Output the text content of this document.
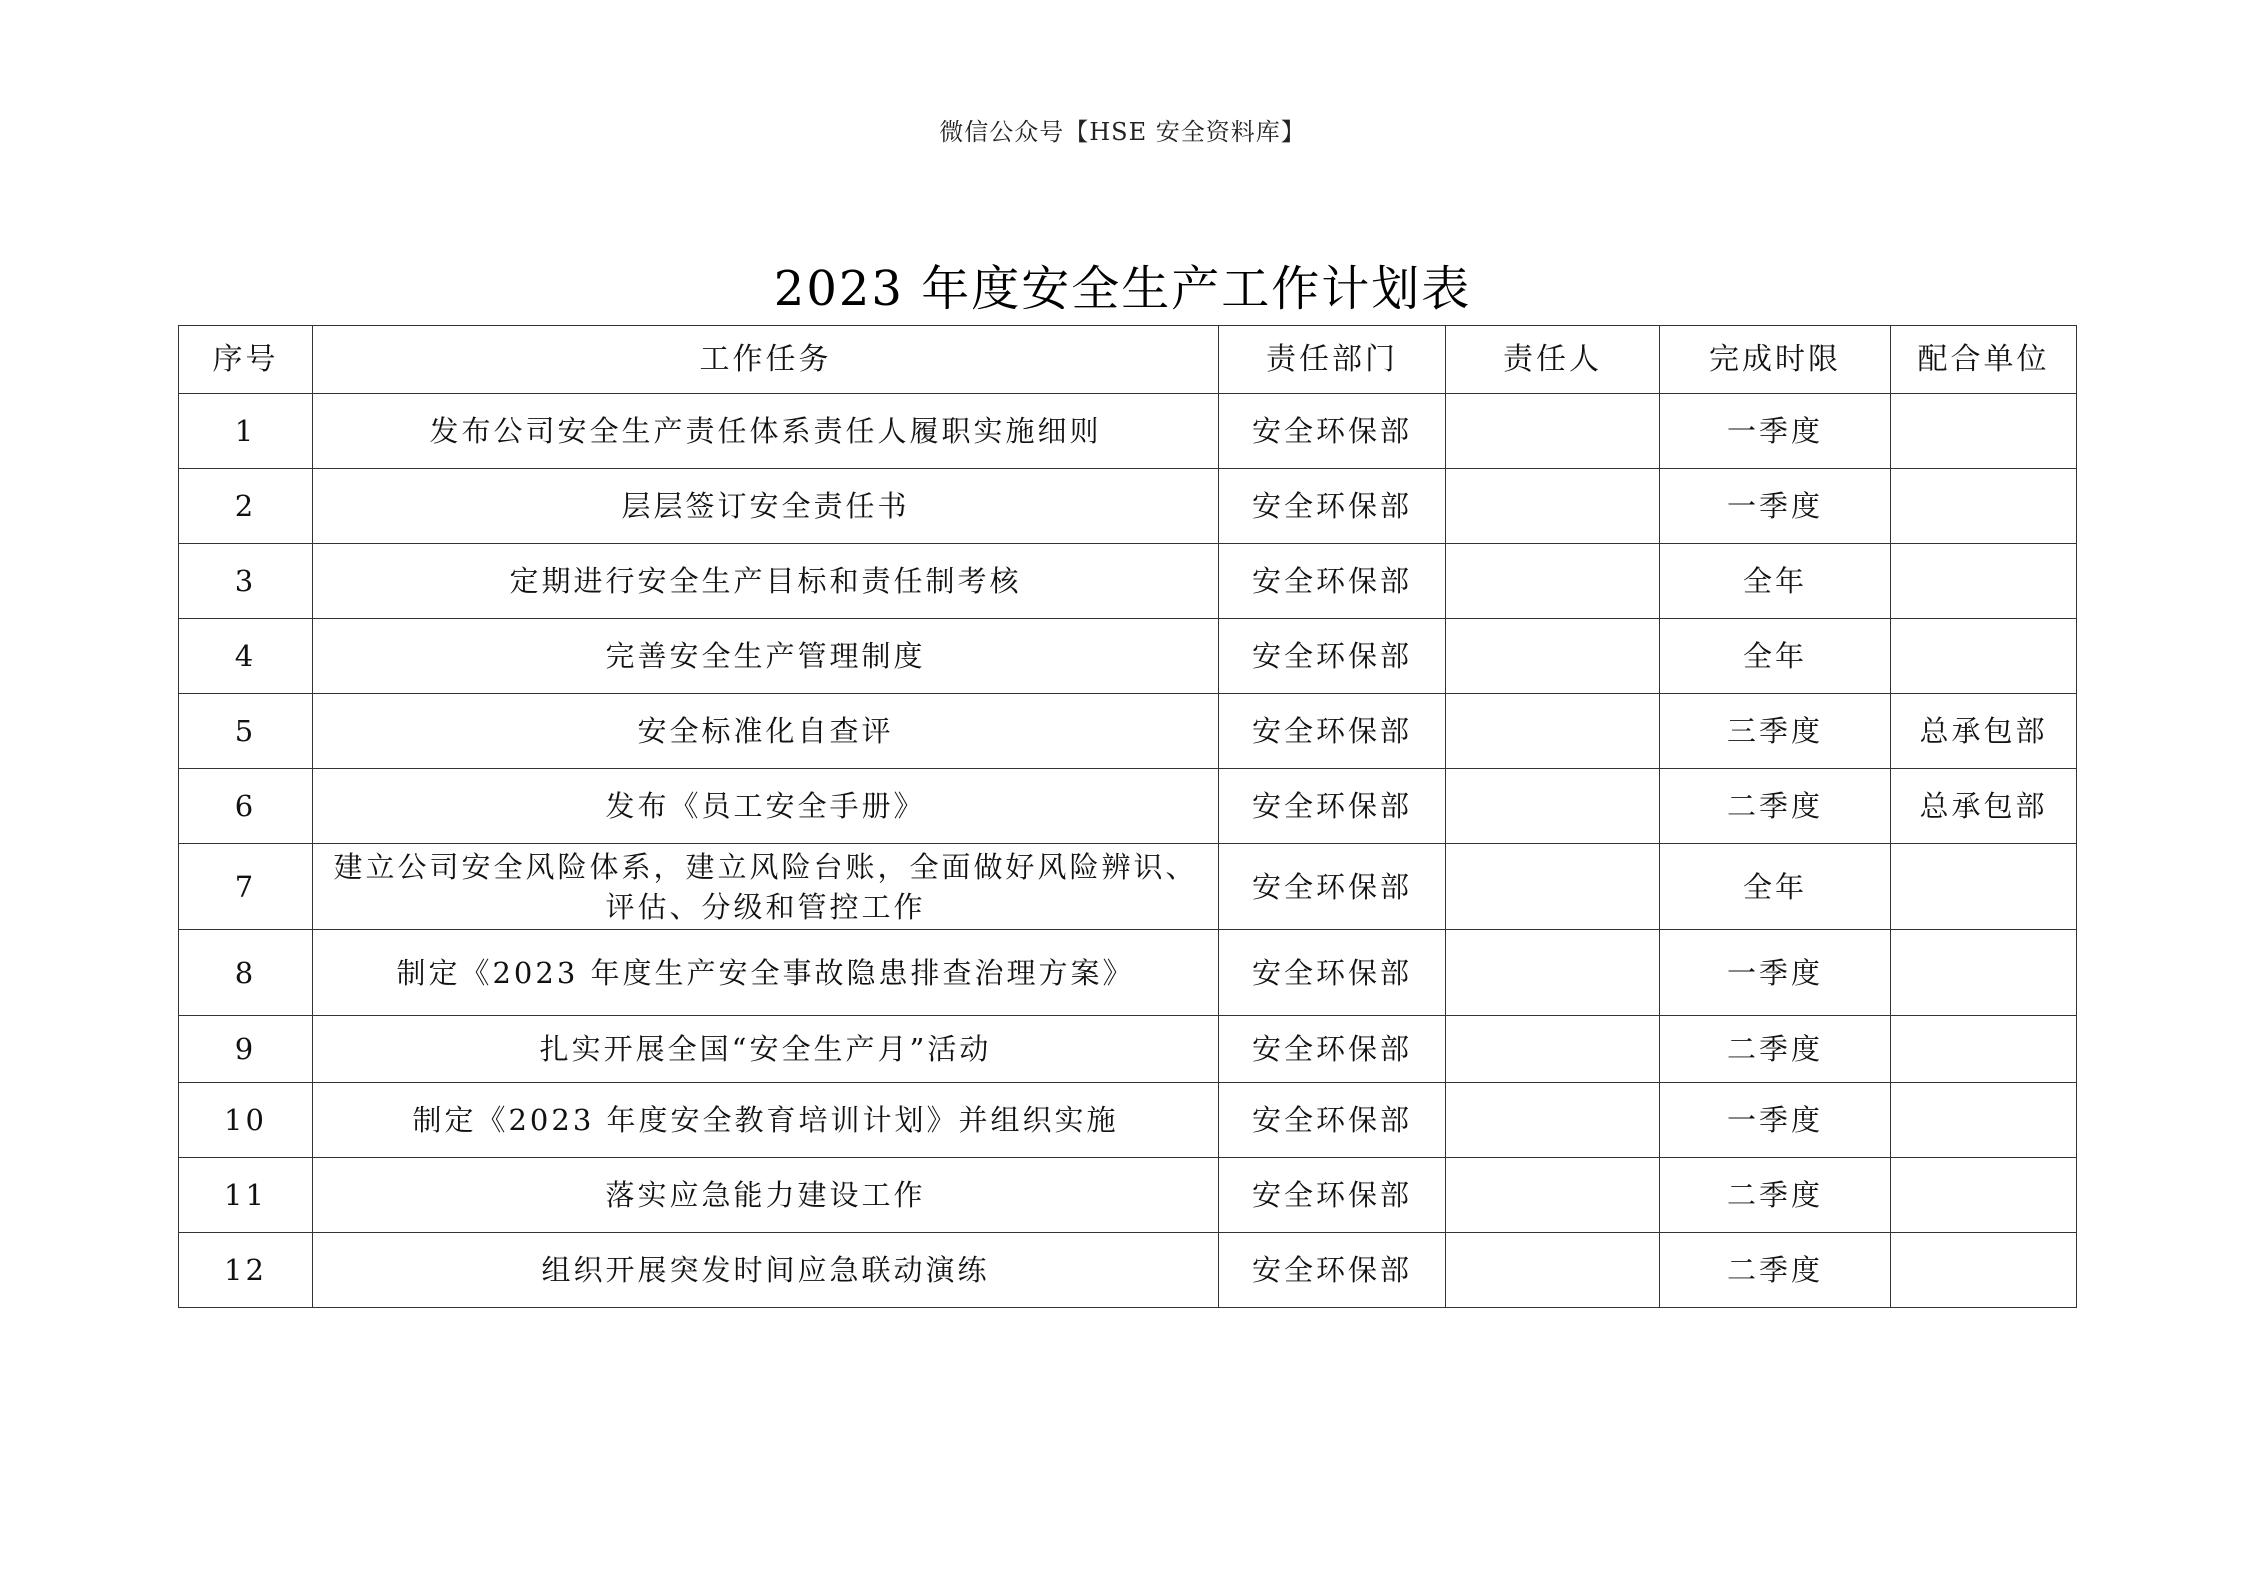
微信公众号【HSE 安全资料库】
2023 年度安全生产工作计划表
序号	工作任务	责任部门	责任人	完成时限	配合单位
1	发布公司安全生产责任体系责任人履职实施细则	安全环保部		一季度	
2	层层签订安全责任书	安全环保部		一季度	
3	定期进行安全生产目标和责任制考核	安全环保部		全年	
4	完善安全生产管理制度	安全环保部		全年	
5	安全标准化自查评	安全环保部		三季度	总承包部
6	发布《员工安全手册》	安全环保部		二季度	总承包部
7	建立公司安全风险体系，建立风险台账，全面做好风险辨识、评估、分级和管控工作	安全环保部		全年	
8	制定《2023 年度生产安全事故隐患排查治理方案》	安全环保部		一季度	
9	扎实开展全国“安全生产月”活动	安全环保部		二季度	
10	制定《2023 年度安全教育培训计划》并组织实施	安全环保部		一季度	
11	落实应急能力建设工作	安全环保部		二季度	
12	组织开展突发时间应急联动演练	安全环保部		二季度	
